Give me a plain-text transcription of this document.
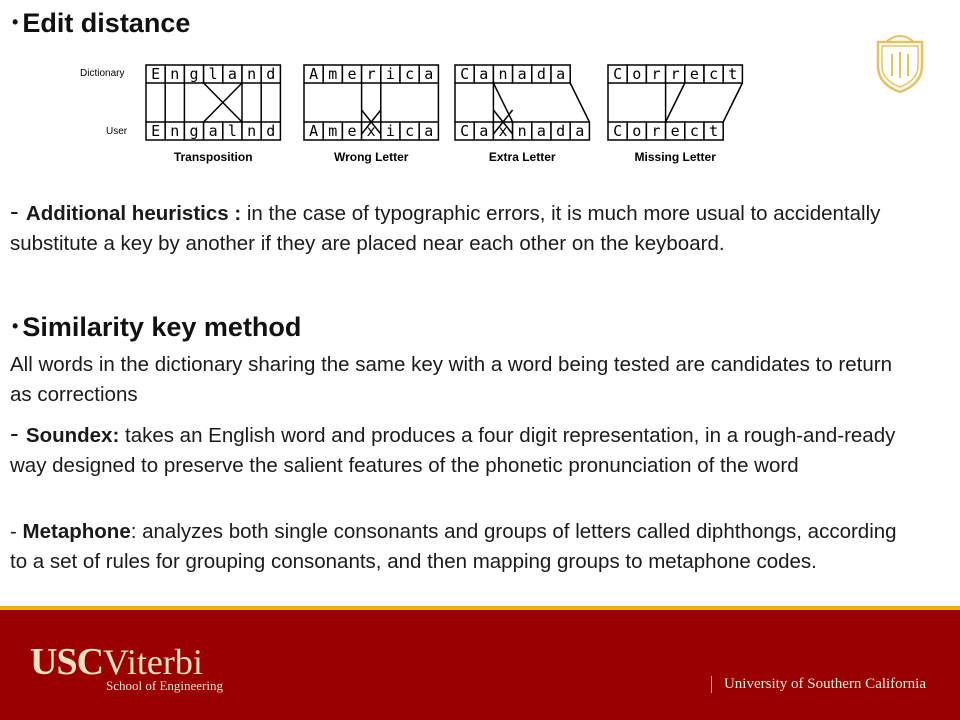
• Edit distance
Dictionary
User
E n g l a n d
E n g a l n d
Transposition
A m e r i c a
A m e x i c a
Wrong Letter
C a n a d a
C a x n a d a
Extra Letter
C o r r e c t
C o r e c t
Missing Letter
- Additional heuristics : in the case of typographic errors, it is much more usual to accidentally substitute a key by another if they are placed near each other on the keyboard.
• Similarity key method
All words in the dictionary sharing the same key with a word being tested are candidates to return as corrections
- Soundex: takes an English word and produces a four digit representation, in a rough-and-ready way designed to preserve the salient features of the phonetic pronunciation of the word
- Metaphone: analyzes both single consonants and groups of letters called diphthongs, according to a set of rules for grouping consonants, and then mapping groups to metaphone codes.
USCViterbi
School of Engineering	University of Southern California
